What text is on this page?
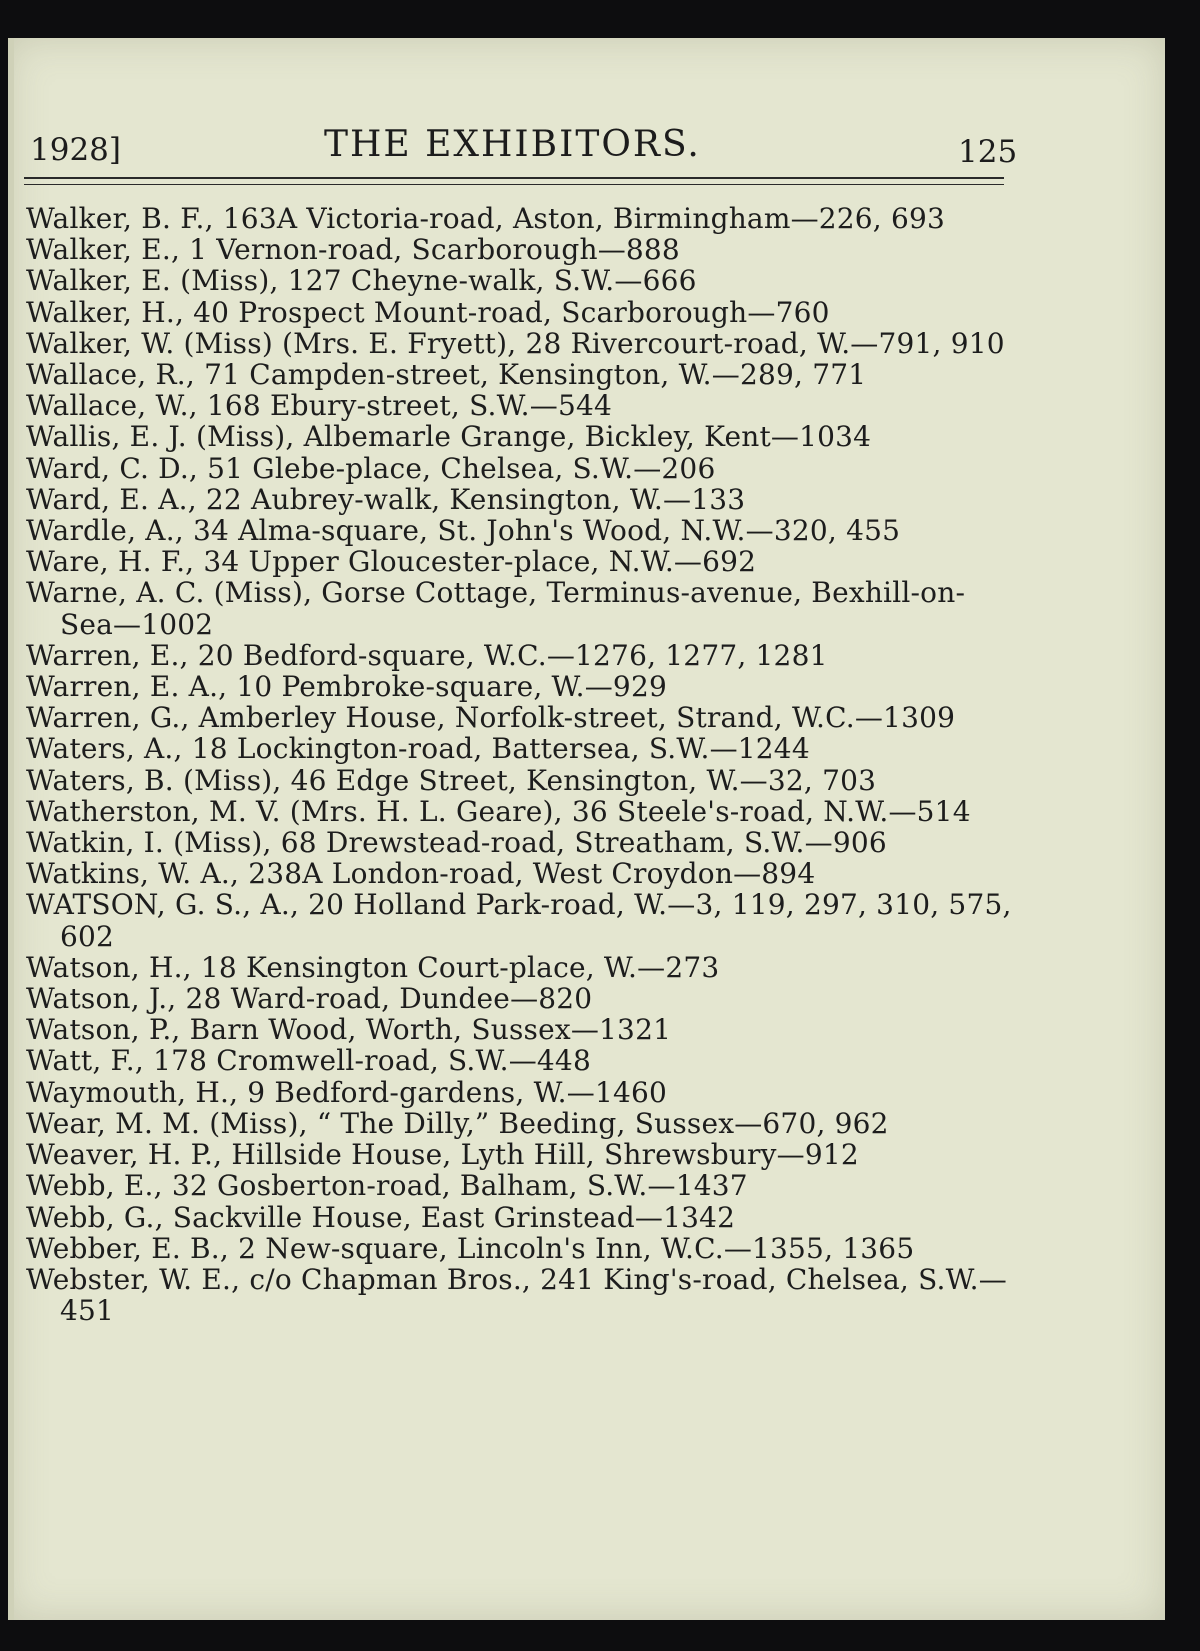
1928]	THE EXHIBITORS.	125
Walker, B. F., 163A Victoria-road, Aston, Birmingham—226, 693
Walker, E., 1 Vernon-road, Scarborough—888
Walker, E. (Miss), 127 Cheyne-walk, S.W.—666
Walker, H., 40 Prospect Mount-road, Scarborough—760
Walker, W. (Miss) (Mrs. E. Fryett), 28 Rivercourt-road, W.—791, 910
Wallace, R., 71 Campden-street, Kensington, W.—289, 771
Wallace, W., 168 Ebury-street, S.W.—544
Wallis, E. J. (Miss), Albemarle Grange, Bickley, Kent—1034
Ward, C. D., 51 Glebe-place, Chelsea, S.W.—206
Ward, E. A., 22 Aubrey-walk, Kensington, W.—133
Wardle, A., 34 Alma-square, St. John's Wood, N.W.—320, 455
Ware, H. F., 34 Upper Gloucester-place, N.W.—692
Warne, A. C. (Miss), Gorse Cottage, Terminus-avenue, Bexhill-on-Sea—1002
Warren, E., 20 Bedford-square, W.C.—1276, 1277, 1281
Warren, E. A., 10 Pembroke-square, W.—929
Warren, G., Amberley House, Norfolk-street, Strand, W.C.—1309
Waters, A., 18 Lockington-road, Battersea, S.W.—1244
Waters, B. (Miss), 46 Edge Street, Kensington, W.—32, 703
Watherston, M. V. (Mrs. H. L. Geare), 36 Steele's-road, N.W.—514
Watkin, I. (Miss), 68 Drewstead-road, Streatham, S.W.—906
Watkins, W. A., 238A London-road, West Croydon—894
WATSON, G. S., A., 20 Holland Park-road, W.—3, 119, 297, 310, 575, 602
Watson, H., 18 Kensington Court-place, W.—273
Watson, J., 28 Ward-road, Dundee—820
Watson, P., Barn Wood, Worth, Sussex—1321
Watt, F., 178 Cromwell-road, S.W.—448
Waymouth, H., 9 Bedford-gardens, W.—1460
Wear, M. M. (Miss), “ The Dilly,” Beeding, Sussex—670, 962
Weaver, H. P., Hillside House, Lyth Hill, Shrewsbury—912
Webb, E., 32 Gosberton-road, Balham, S.W.—1437
Webb, G., Sackville House, East Grinstead—1342
Webber, E. B., 2 New-square, Lincoln's Inn, W.C.—1355, 1365
Webster, W. E., c/o Chapman Bros., 241 King's-road, Chelsea, S.W.—451
